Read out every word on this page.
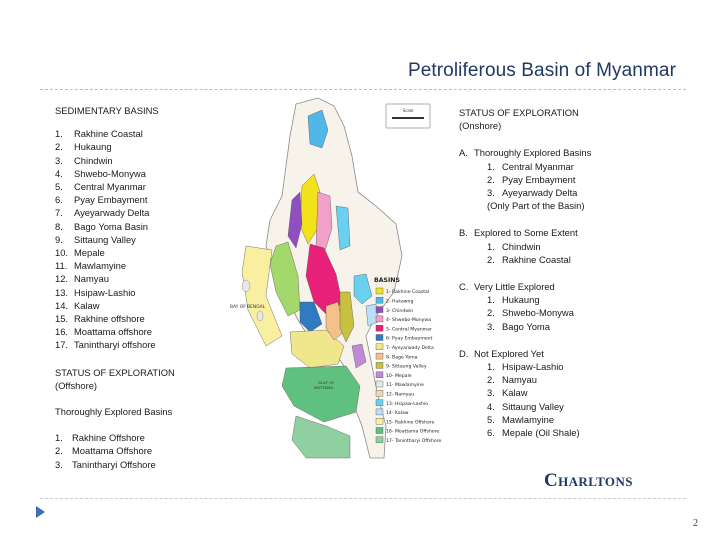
Petroliferous Basin of Myanmar
SEDIMENTARY BASINS
1.	Rakhine Coastal
2.	Hukaung
3.	Chindwin
4.	Shwebo-Monywa
5.	Central Myanmar
6.	Pyay Embayment
7.	Ayeyarwady Delta
8.	Bago Yoma Basin
9.	Sittaung Valley
10. Mepale
11. Mawlamyine
12. Namyau
13. Hsipaw-Lashio
14. Kalaw
15. Rakhine offshore
16. Moattama offshore
17. Tanintharyi offshore
STATUS OF EXPLORATION
(Offshore)
Thoroughly Explored Basins
1. Rakhine Offshore
2. Moattama Offshore
3. Tanintharyi Offshore
Scale
BAY OF BENGAL
GULF OF
MOTTAMA
BASINS
1- Rakhine Coastal
2- Hukawng
3- Chindwin
4- Shwebo-Monywa
5- Central Myanmar
6- Pyay Embayment
7- Ayeyarwady Delta
8- Bago Yoma
9- Sittaung Valley
10- Mepale
11- Mawlamyine
12- Namyau
13- Hsipaw-Lashio
14- Kalaw
15- Rakhine Offshore
16- Moattama Offshore
17- Tanintharyi Offshore
STATUS OF EXPLORATION
(Onshore)
A. Thoroughly Explored Basins
1. Central Myanmar
2. Pyay Embayment
3. Ayeyarwady Delta
(Only Part of the Basin)
B. Explored to Some Extent
1. Chindwin
2. Rakhine Coastal
C. Very Little Explored
1. Hukaung
2. Shwebo-Monywa
3. Bago Yoma
D. Not Explored Yet
1. Hsipaw-Lashio
2. Namyau
3. Kalaw
4. Sittaung Valley
5. Mawlamyine
6. Mepale (Oil Shale)
CHARLTONS
2
